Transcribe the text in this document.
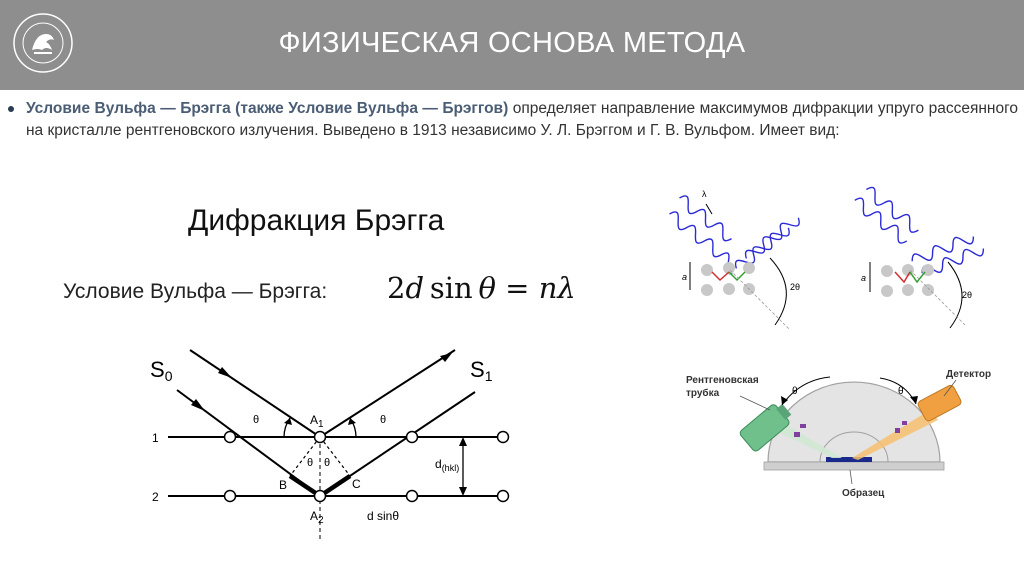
ФИЗИЧЕСКАЯ ОСНОВА МЕТОДА
Условие Вульфа — Брэгга (также Условие Вульфа — Брэггов) определяет направление максимумов дифракции упруго рассеянного на кристалле рентгеновского излучения. Выведено в 1913 независимо У. Л. Брэггом и Г. В. Вульфом. Имеет вид:
Дифракция Брэгга
Условие Вульфа — Брэгга: 2d  sin  θ = nλ
S0	S1
1
2
$A_1$
$A_2$
B	C
θ	θ
θ θ	$d_{(hkl)}$
d sinθ
λ
a
2θ
a
2θ
θ	θ
Рентгеновская трубка
Детектор
Образец
